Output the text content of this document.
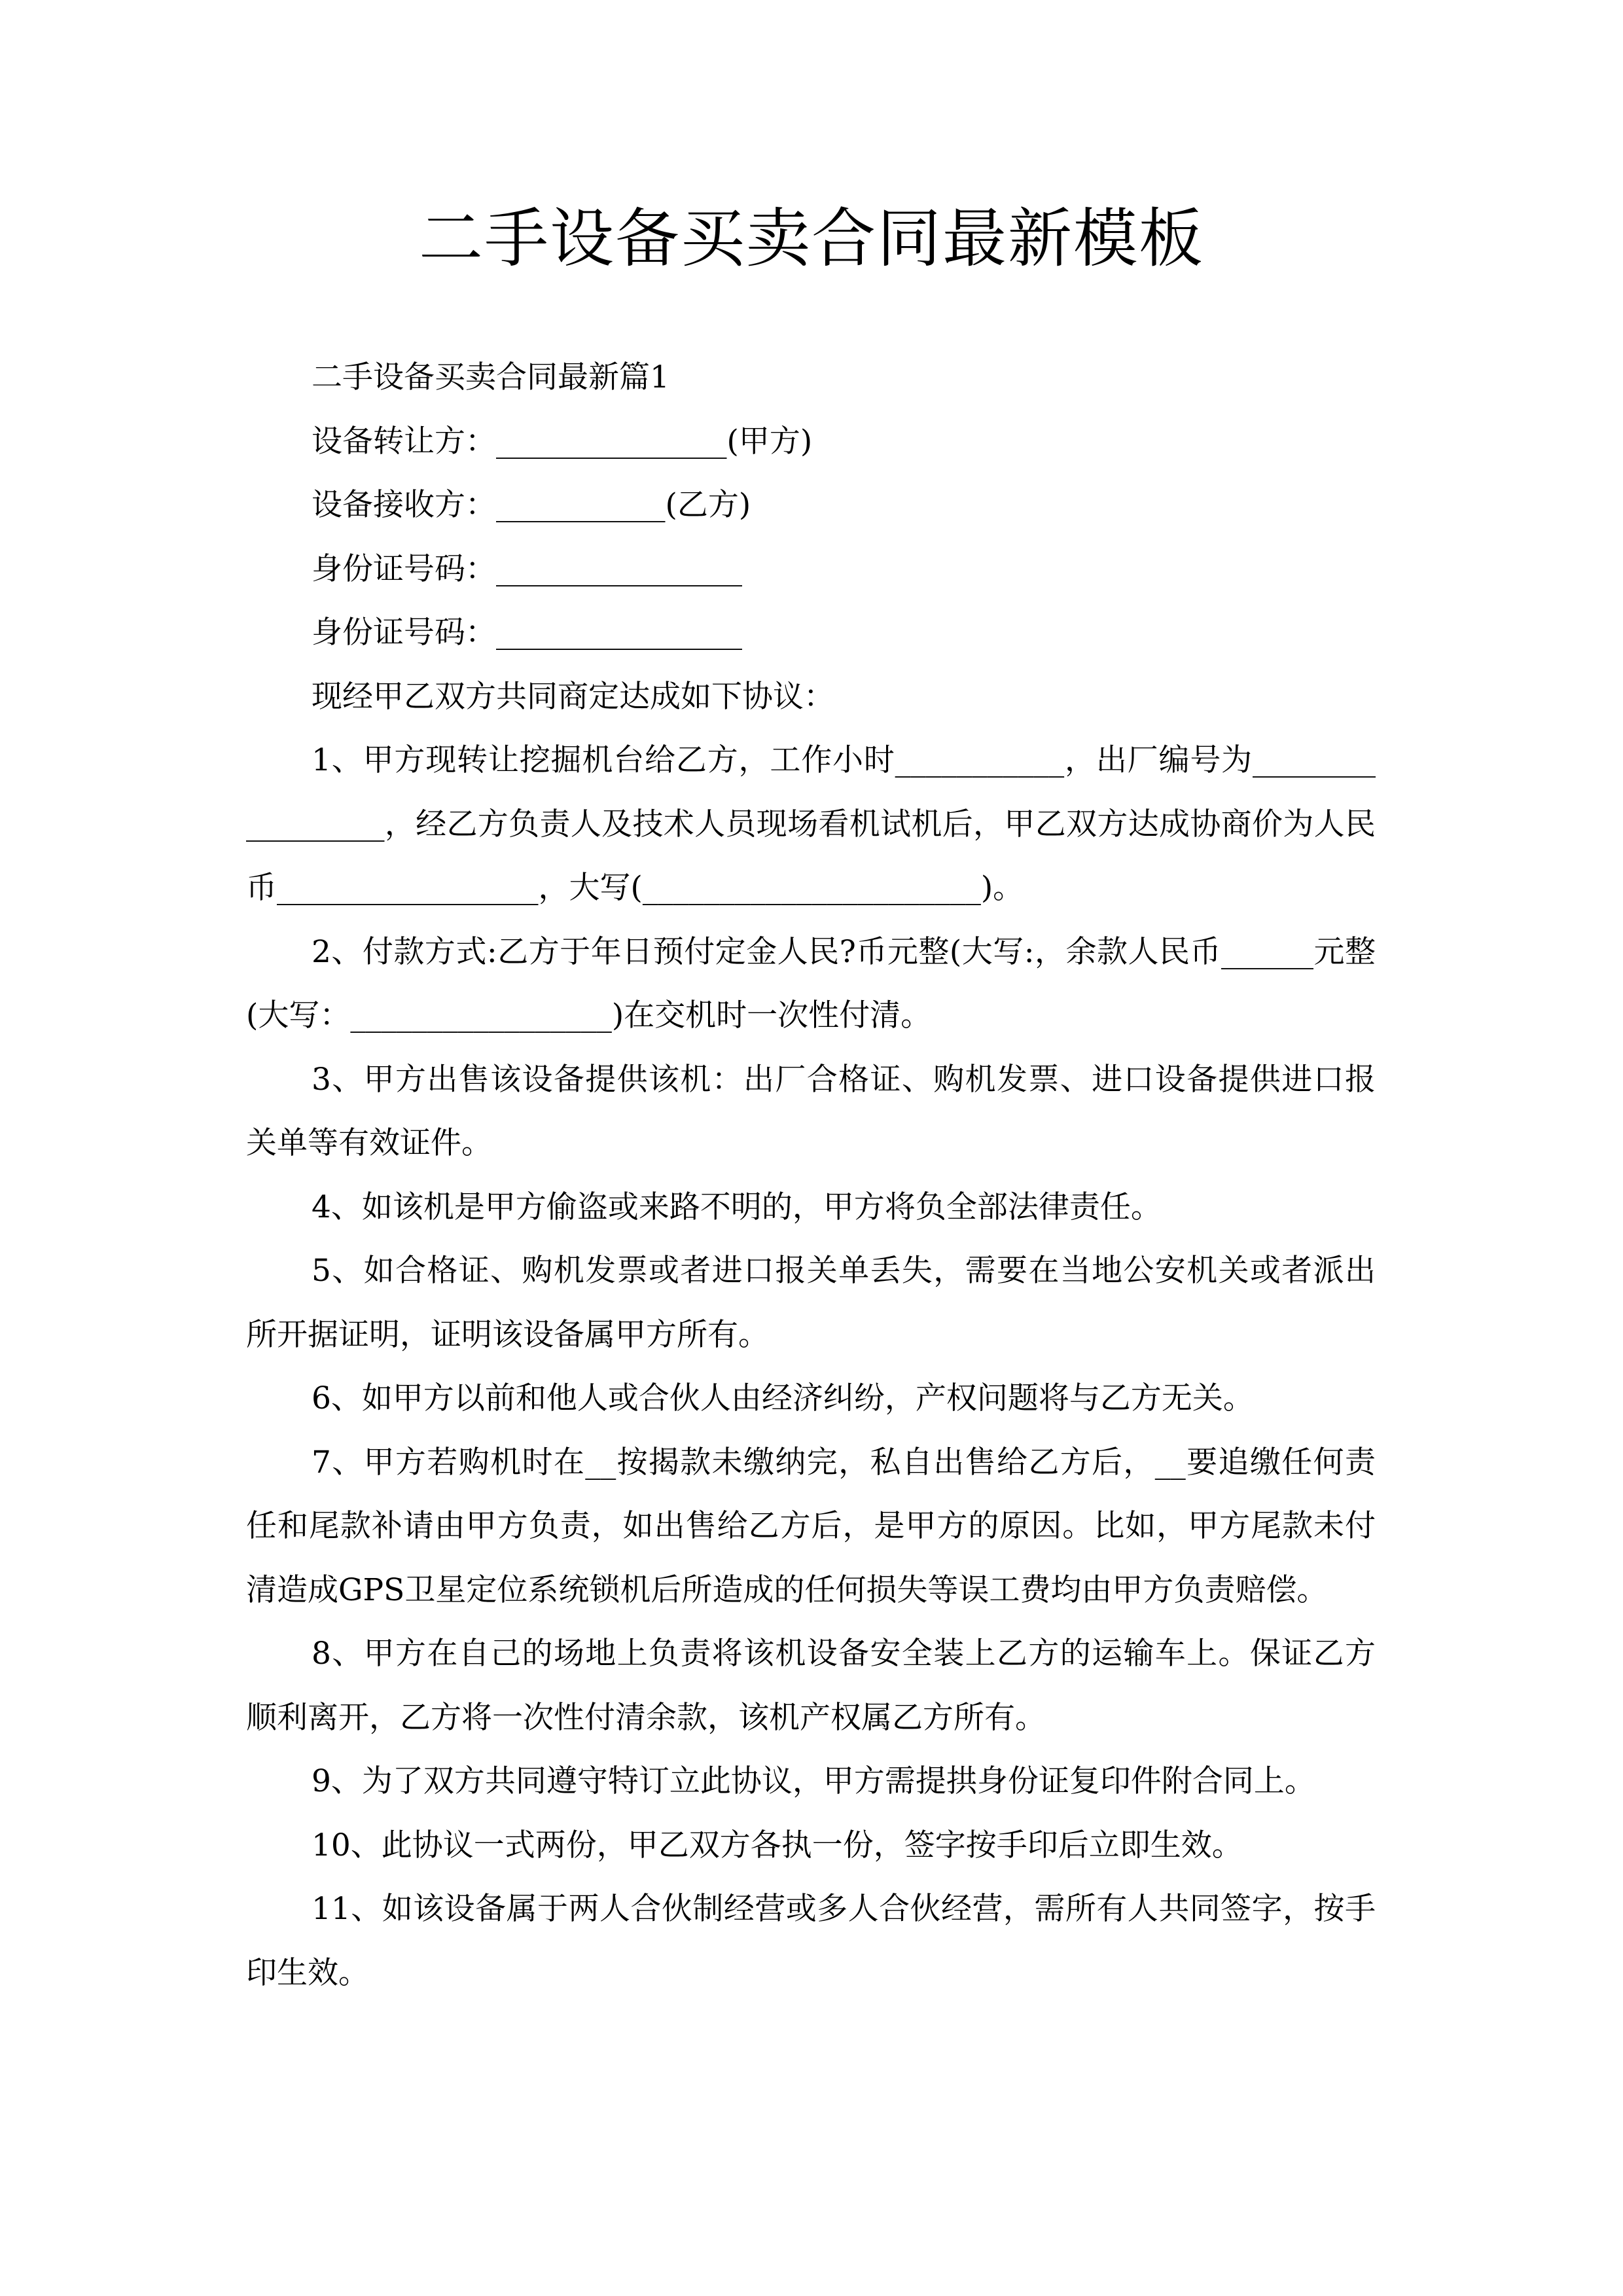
二手设备买卖合同最新模板

二手设备买卖合同最新篇1

设备转让方：_______________(甲方)

设备接收方：___________(乙方)

身份证号码：________________

身份证号码：________________

现经甲乙双方共同商定达成如下协议：

1、甲方现转让挖掘机台给乙方，工作小时___________，出厂编号为_________________，经乙方负责人及技术人员现场看机试机后，甲乙双方达成协商价为人民币_________________，大写(______________________)。

2、付款方式:乙方于年日预付定金人民?币元整(大写:，余款人民币______元整(大写：_________________)在交机时一次性付清。

3、甲方出售该设备提供该机：出厂合格证、购机发票、进口设备提供进口报关单等有效证件。

4、如该机是甲方偷盗或来路不明的，甲方将负全部法律责任。

5、如合格证、购机发票或者进口报关单丢失，需要在当地公安机关或者派出所开据证明，证明该设备属甲方所有。

6、如甲方以前和他人或合伙人由经济纠纷，产权问题将与乙方无关。

7、甲方若购机时在__按揭款未缴纳完，私自出售给乙方后，__要追缴任何责任和尾款补请由甲方负责，如出售给乙方后，是甲方的原因。比如，甲方尾款未付清造成GPS卫星定位系统锁机后所造成的任何损失等误工费均由甲方负责赔偿。

8、甲方在自己的场地上负责将该机设备安全装上乙方的运输车上。保证乙方顺利离开，乙方将一次性付清余款，该机产权属乙方所有。

9、为了双方共同遵守特订立此协议，甲方需提拱身份证复印件附合同上。

10、此协议一式两份，甲乙双方各执一份，签字按手印后立即生效。

11、如该设备属于两人合伙制经营或多人合伙经营，需所有人共同签字，按手印生效。
